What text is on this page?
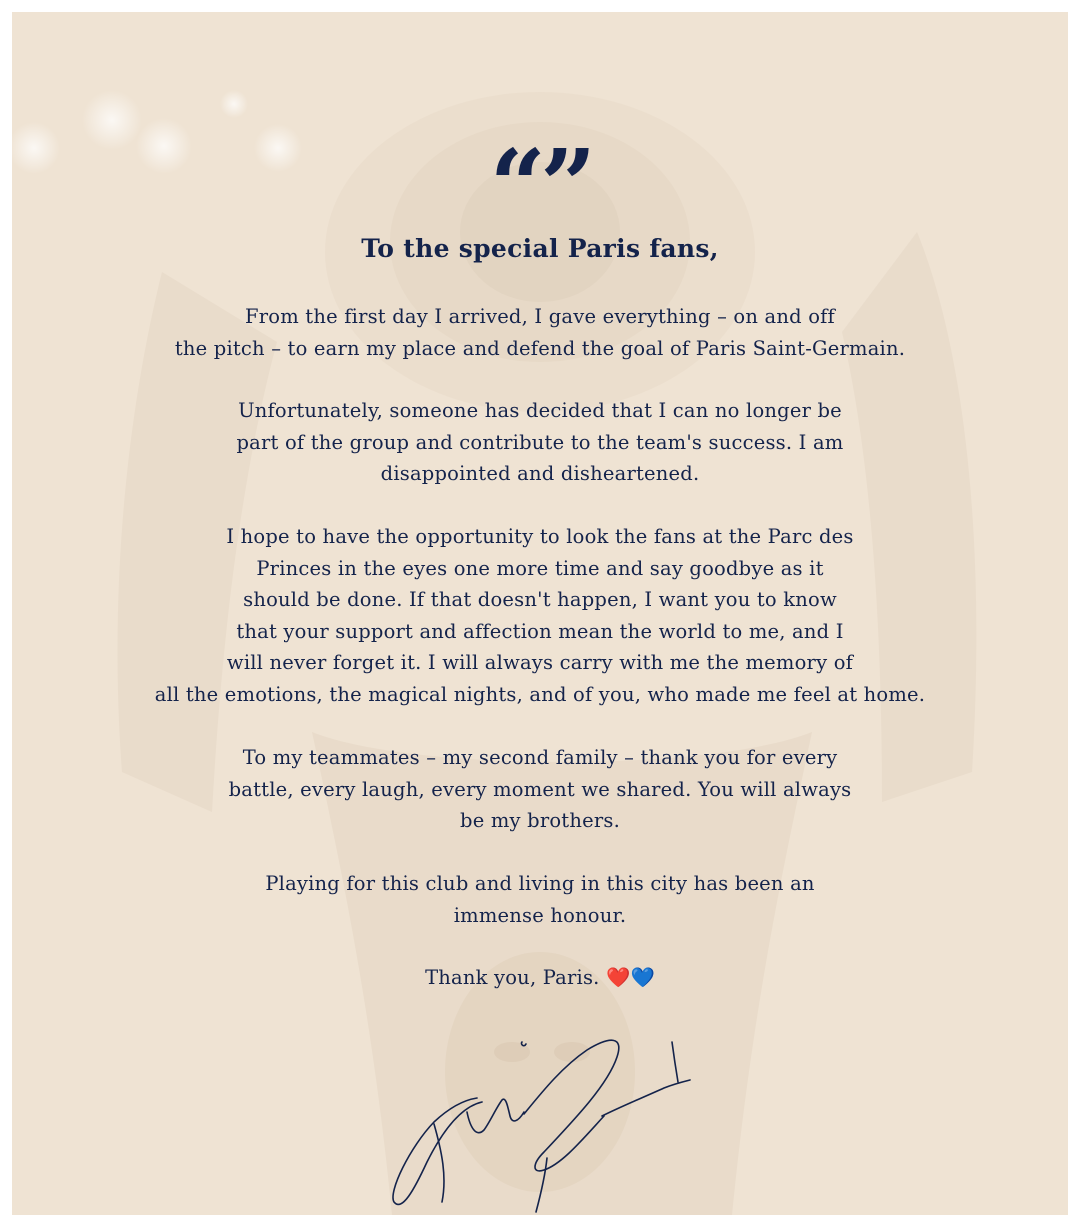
“”
To the special Paris fans,
From the first day I arrived, I gave everything – on and off
the pitch – to earn my place and defend the goal of Paris Saint-Germain.
Unfortunately, someone has decided that I can no longer be
part of the group and contribute to the team's success. I am
disappointed and disheartened.
I hope to have the opportunity to look the fans at the Parc des
Princes in the eyes one more time and say goodbye as it
should be done. If that doesn't happen, I want you to know
that your support and affection mean the world to me, and I
will never forget it. I will always carry with me the memory of
all the emotions, the magical nights, and of you, who made me feel at home.
To my teammates – my second family – thank you for every
battle, every laugh, every moment we shared. You will always
be my brothers.
Playing for this club and living in this city has been an
immense honour.
Thank you, Paris. ❤️💙
